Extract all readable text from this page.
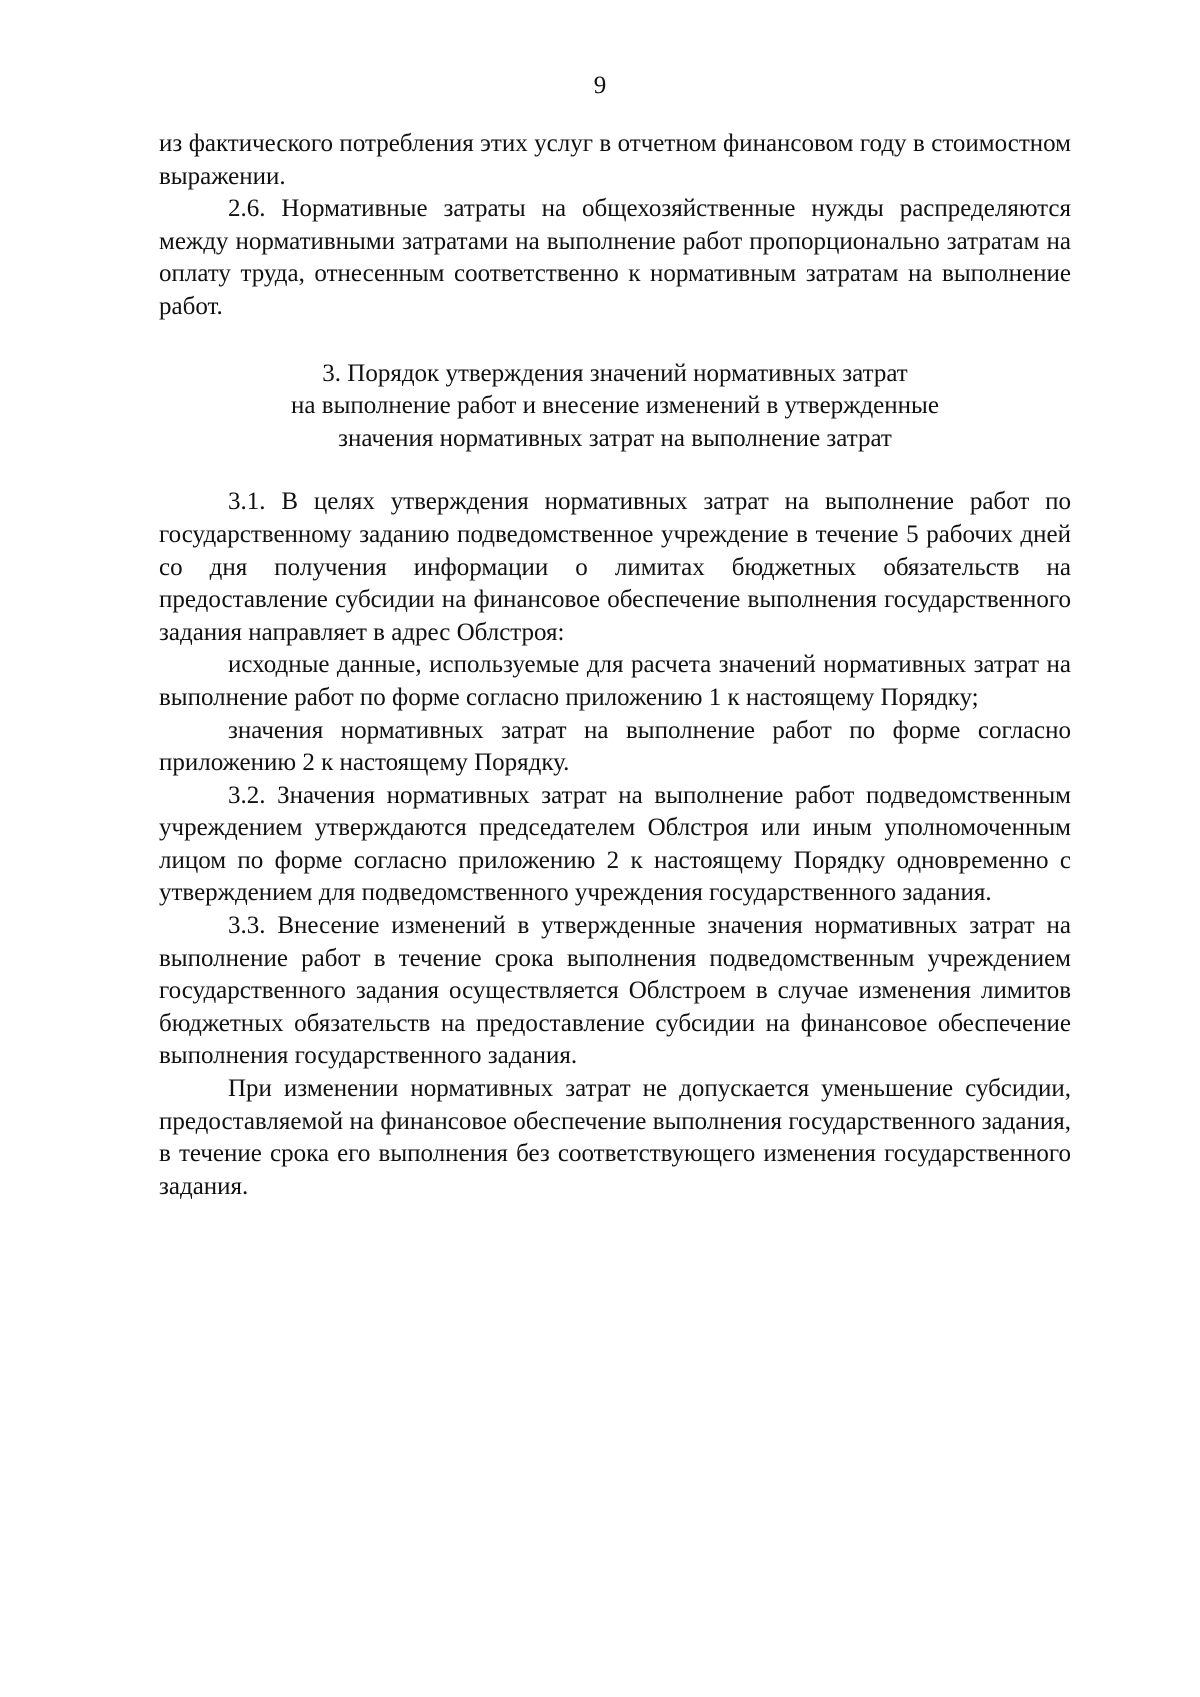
9

из фактического потребления этих услуг в отчетном финансовом году в стоимостном выражении.

2.6. Нормативные затраты на общехозяйственные нужды распределяются между нормативными затратами на выполнение работ пропорционально затратам на оплату труда, отнесенным соответственно к нормативным затратам на выполнение работ.

3. Порядок утверждения значений нормативных затрат
на выполнение работ и внесение изменений в утвержденные
значения нормативных затрат на выполнение затрат

3.1. В целях утверждения нормативных затрат на выполнение работ по государственному заданию подведомственное учреждение в течение 5 рабочих дней со дня получения информации о лимитах бюджетных обязательств на предоставление субсидии на финансовое обеспечение выполнения государственного задания направляет в адрес Облстроя:

исходные данные, используемые для расчета значений нормативных затрат на выполнение работ по форме согласно приложению 1 к настоящему Порядку;

значения нормативных затрат на выполнение работ по форме согласно приложению 2 к настоящему Порядку.

3.2. Значения нормативных затрат на выполнение работ подведомственным учреждением утверждаются председателем Облстроя или иным уполномоченным лицом по форме согласно приложению 2 к настоящему Порядку одновременно с утверждением для подведомственного учреждения государственного задания.

3.3. Внесение изменений в утвержденные значения нормативных затрат на выполнение работ в течение срока выполнения подведомственным учреждением государственного задания осуществляется Облстроем в случае изменения лимитов бюджетных обязательств на предоставление субсидии на финансовое обеспечение выполнения государственного задания.

При изменении нормативных затрат не допускается уменьшение субсидии, предоставляемой на финансовое обеспечение выполнения государственного задания, в течение срока его выполнения без соответствующего изменения государственного задания.
